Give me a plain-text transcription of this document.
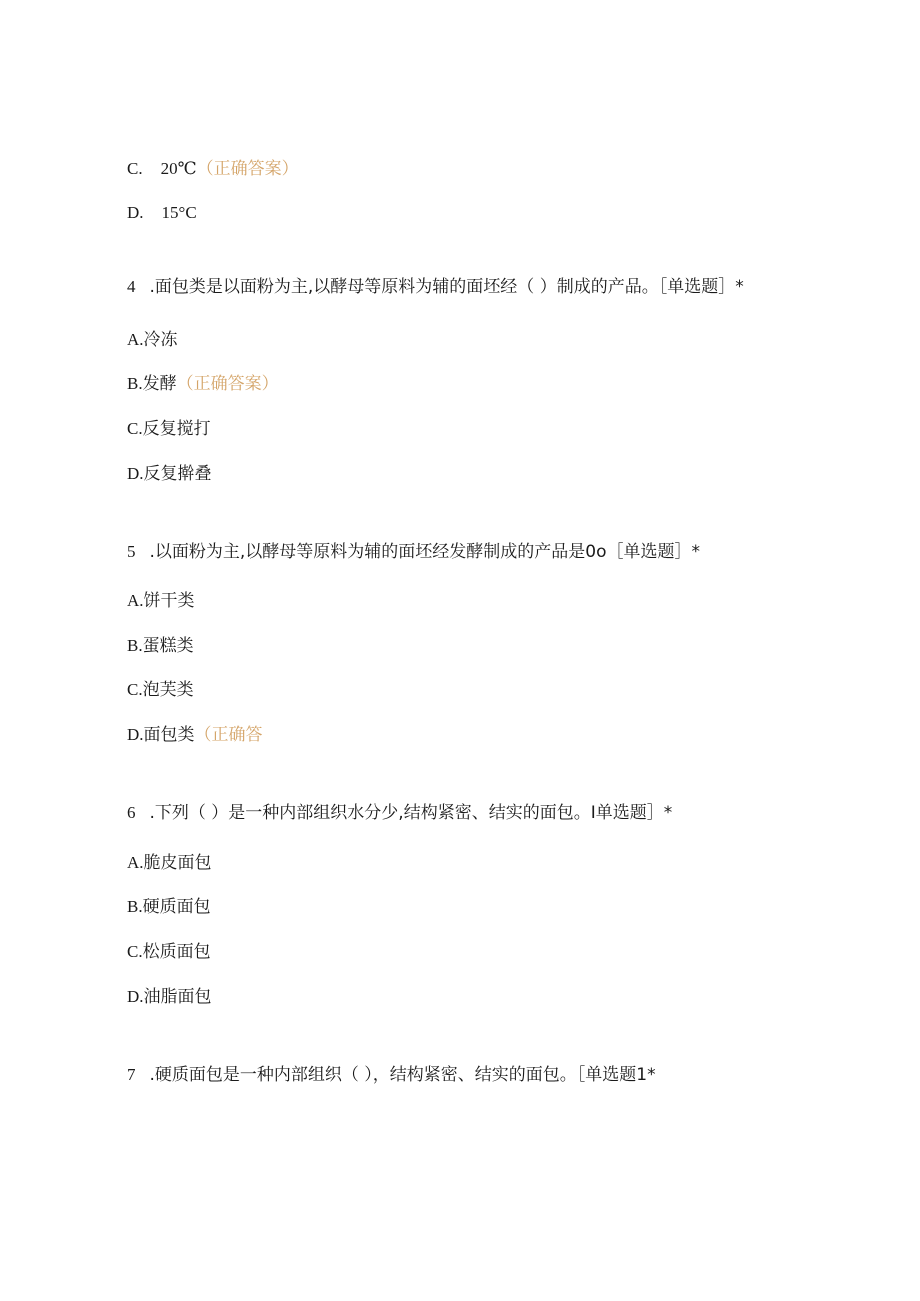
C. 20℃（正确答案）
D. 15°C
4 .面包类是以面粉为主,以酵母等原料为辅的面坯经（ ）制成的产品。［单选题］*
A.冷冻
B.发酵（正确答案）
C.反复搅打
D.反复擀叠
5 .以面粉为主,以酵母等原料为辅的面坯经发酵制成的产品是0o［单选题］*
A.饼干类
B.蛋糕类
C.泡芙类
D.面包类（正确答
6 .下列（ ）是一种内部组织水分少,结构紧密、结实的面包。I单选题］*
A.脆皮面包
B.硬质面包
C.松质面包
D.油脂面包
7 .硬质面包是一种内部组织（ ），结构紧密、结实的面包。［单选题1*
